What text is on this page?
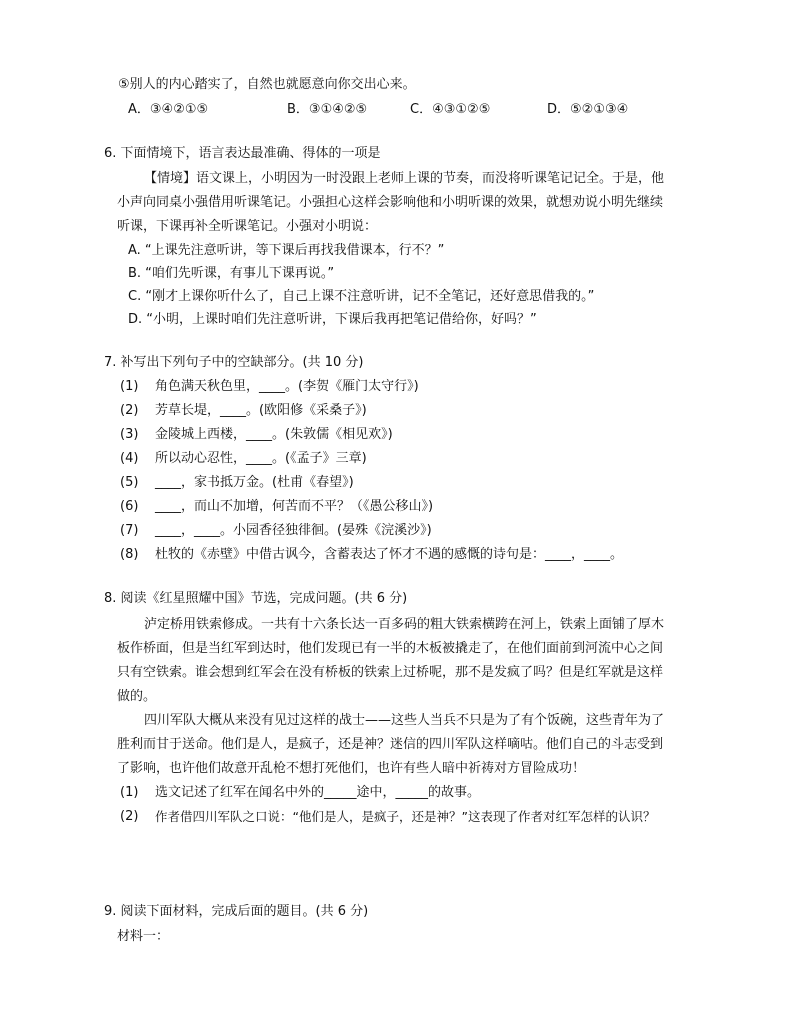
⑤别人的内心踏实了，自然也就愿意向你交出心来。
A．③④②①⑤	B．③①④②⑤	C．④③①②⑤	D．⑤②①③④
6. 下面情境下，语言表达最准确、得体的一项是
【情境】语文课上，小明因为一时没跟上老师上课的节奏，而没将听课笔记记全。于是，他
小声向同桌小强借用听课笔记。小强担心这样会影响他和小明听课的效果，就想劝说小明先继续
听课，下课再补全听课笔记。小强对小明说：
A. “上课先注意听讲，等下课后再找我借课本，行不？”
B. “咱们先听课，有事儿下课再说。”
C. “刚才上课你听什么了，自己上课不注意听讲，记不全笔记，还好意思借我的。”
D. “小明，上课时咱们先注意听讲，下课后我再把笔记借给你，好吗？”
7. 补写出下列句子中的空缺部分。(共 10 分)
(1) 角色满天秋色里，____。(李贺《雁门太守行》)
(2) 芳草长堤，____。(欧阳修《采桑子》)
(3) 金陵城上西楼，____。(朱敦儒《相见欢》)
(4) 所以动心忍性，____。(《孟子》三章)
(5) ____，家书抵万金。(杜甫《春望》)
(6) ____，而山不加增，何苦而不平？（《愚公移山》)
(7) ____，____。小园香径独徘徊。(晏殊《浣溪沙》)
(8) 杜牧的《赤壁》中借古讽今，含蓄表达了怀才不遇的感慨的诗句是：____，____。
8. 阅读《红星照耀中国》节选，完成问题。(共 6 分)
泸定桥用铁索修成。一共有十六条长达一百多码的粗大铁索横跨在河上，铁索上面铺了厚木
板作桥面，但是当红军到达时，他们发现已有一半的木板被撬走了，在他们面前到河流中心之间
只有空铁索。谁会想到红军会在没有桥板的铁索上过桥呢，那不是发疯了吗？但是红军就是这样
做的。
四川军队大概从来没有见过这样的战士——这些人当兵不只是为了有个饭碗，这些青年为了
胜利而甘于送命。他们是人，是疯子，还是神？迷信的四川军队这样嘀咕。他们自己的斗志受到
了影响，也许他们故意开乱枪不想打死他们，也许有些人暗中祈祷对方冒险成功！
(1) 选文记述了红军在闻名中外的_____途中，_____的故事。
(2) 作者借四川军队之口说：“他们是人，是疯子，还是神？”这表现了作者对红军怎样的认识？
9. 阅读下面材料，完成后面的题目。(共 6 分)
材料一：
